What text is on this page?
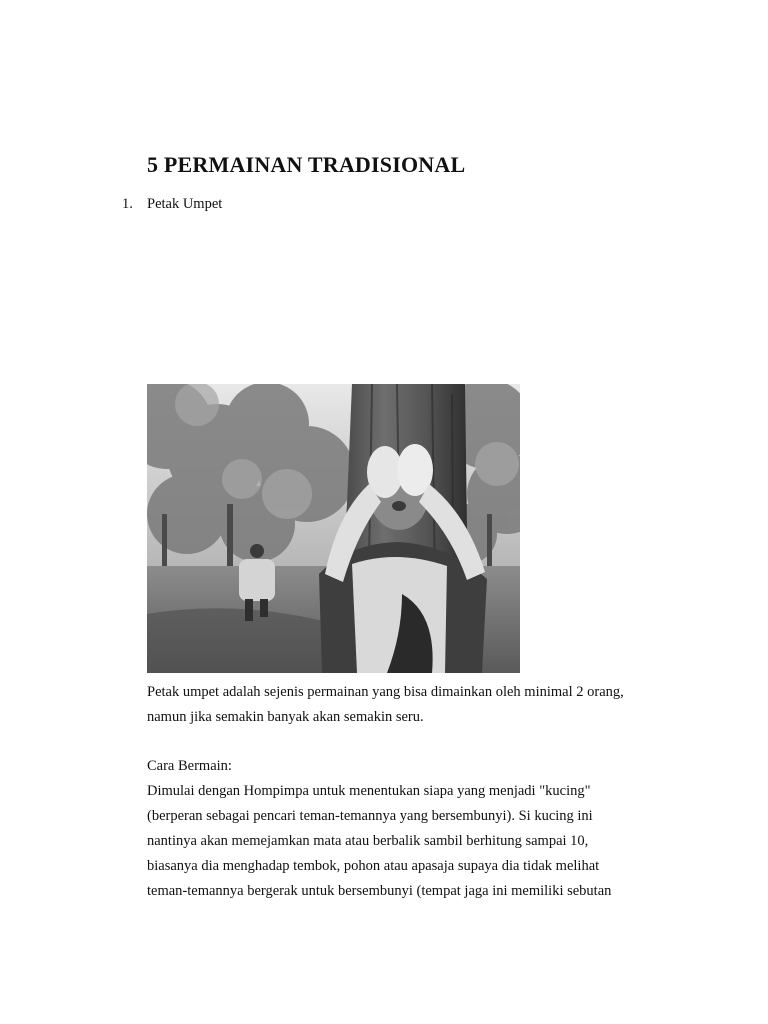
5 PERMAINAN TRADISIONAL
1. Petak Umpet
Petak umpet adalah sejenis permainan yang bisa dimainkan oleh minimal 2 orang,
namun jika semakin banyak akan semakin seru.
Cara Bermain:
Dimulai dengan Hompimpa untuk menentukan siapa yang menjadi "kucing"
(berperan sebagai pencari teman-temannya yang bersembunyi). Si kucing ini
nantinya akan memejamkan mata atau berbalik sambil berhitung sampai 10,
biasanya dia menghadap tembok, pohon atau apasaja supaya dia tidak melihat
teman-temannya bergerak untuk bersembunyi (tempat jaga ini memiliki sebutan
